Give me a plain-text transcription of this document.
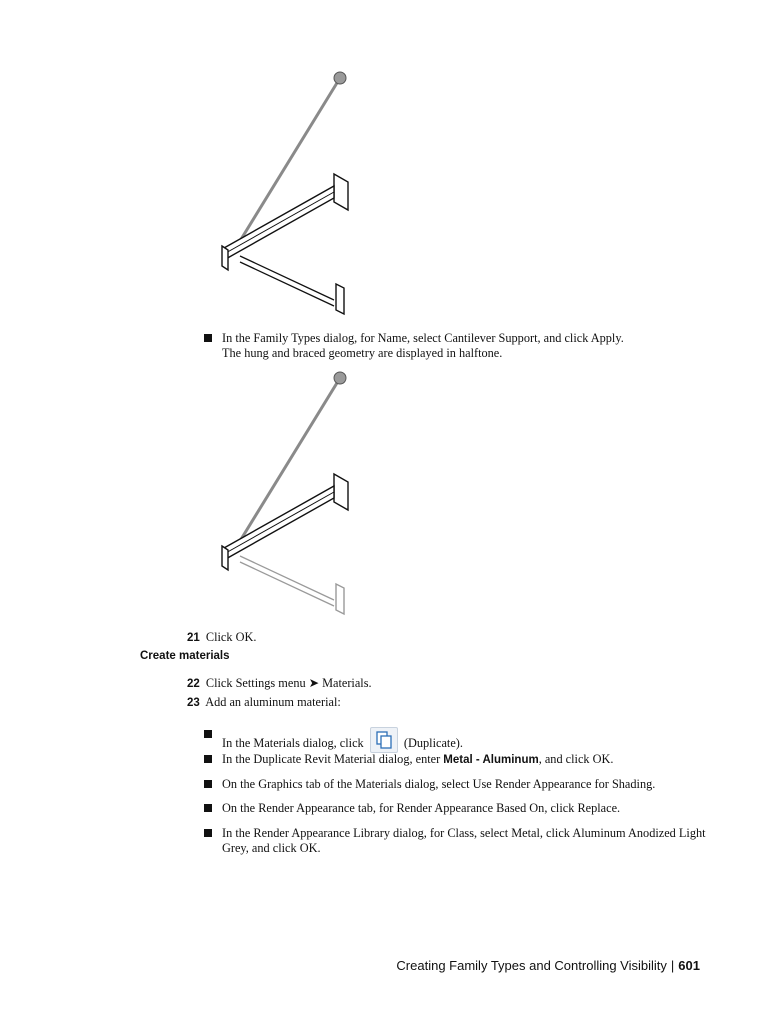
In the Family Types dialog, for Name, select Cantilever Support, and click Apply.
The hung and braced geometry are displayed in halftone.
21 Click OK.
Create materials
22 Click Settings menu ➤ Materials.
23 Add an aluminum material:
In the Materials dialog, click	(Duplicate).
In the Duplicate Revit Material dialog, enter Metal - Aluminum, and click OK.
On the Graphics tab of the Materials dialog, select Use Render Appearance for Shading.
On the Render Appearance tab, for Render Appearance Based On, click Replace.
In the Render Appearance Library dialog, for Class, select Metal, click Aluminum Anodized Light Grey, and click OK.
Creating Family Types and Controlling Visibility | 601
